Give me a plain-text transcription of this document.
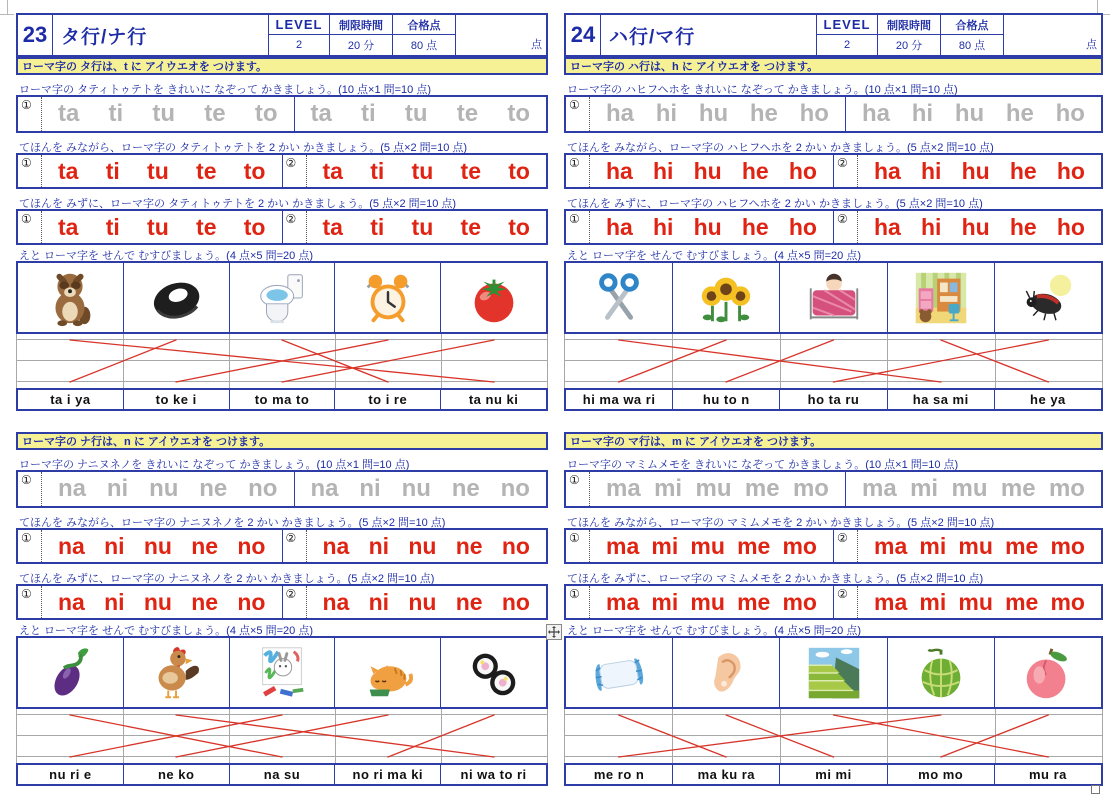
23 タ行/ナ行
LEVEL	制限時間	合格点
点
2	20 分	80 点
ローマ字の タ行は、t に アイウエオを つけます。
ローマ字の タティトゥテトを きれいに なぞって かきましょう。(10 点×1 問=10 点)
①	ta ti tu te to ta ti tu te to
てほんを みながら、ローマ字の タティトゥテトを 2 かい かきましょう。(5 点×2 問=10 点)
①	ta ti tu te to ②	ta ti tu te to
てほんを みずに、ローマ字の タティトゥテトを 2 かい かきましょう。(5 点×2 問=10 点)
①	ta ti tu te to ②	ta ti tu te to
えと ローマ字を せんで むすびましょう。(4 点×5 問=20 点)
ta i ya	to ke i	to ma to	to i re	ta nu ki
ローマ字の ナ行は、n に アイウエオを つけます。
ローマ字の ナニヌネノを きれいに なぞって かきましょう。(10 点×1 問=10 点)
①	na ni nu ne no na ni nu ne no
てほんを みながら、ローマ字の ナニヌネノを 2 かい かきましょう。(5 点×2 問=10 点)
①	na ni nu ne no ②	na ni nu ne no
てほんを みずに、ローマ字の ナニヌネノを 2 かい かきましょう。(5 点×2 問=10 点)
①	na ni nu ne no ②	na ni nu ne no
えと ローマ字を せんで むすびましょう。(4 点×5 問=20 点)
nu ri e	ne ko	na su	no ri ma ki	ni wa to ri
24 ハ行/マ行
LEVEL	制限時間	合格点
点
2	20 分	80 点
ローマ字の ハ行は、h に アイウエオを つけます。
ローマ字の ハヒフヘホを きれいに なぞって かきましょう。(10 点×1 問=10 点)
①	ha hi hu he ho ha hi hu he ho
てほんを みながら、ローマ字の ハヒフヘホを 2 かい かきましょう。(5 点×2 問=10 点)
①	ha hi hu he ho ②	ha hi hu he ho
てほんを みずに、ローマ字の ハヒフヘホを 2 かい かきましょう。(5 点×2 問=10 点)
①	ha hi hu he ho ②	ha hi hu he ho
えと ローマ字を せんで むすびましょう。(4 点×5 問=20 点)
hi ma wa ri	hu to n	ho ta ru	ha sa mi	he ya
ローマ字の マ行は、m に アイウエオを つけます。
ローマ字の マミムメモを きれいに なぞって かきましょう。(10 点×1 問=10 点)
①	ma mi mu me mo ma mi mu me mo
てほんを みながら、ローマ字の マミムメモを 2 かい かきましょう。(5 点×2 問=10 点)
①	ma mi mu me mo ②	ma mi mu me mo
てほんを みずに、ローマ字の マミムメモを 2 かい かきましょう。(5 点×2 問=10 点)
①	ma mi mu me mo ②	ma mi mu me mo
えと ローマ字を せんで むすびましょう。(4 点×5 問=20 点)
me ro n	ma ku ra	mi mi	mo mo	mu ra
